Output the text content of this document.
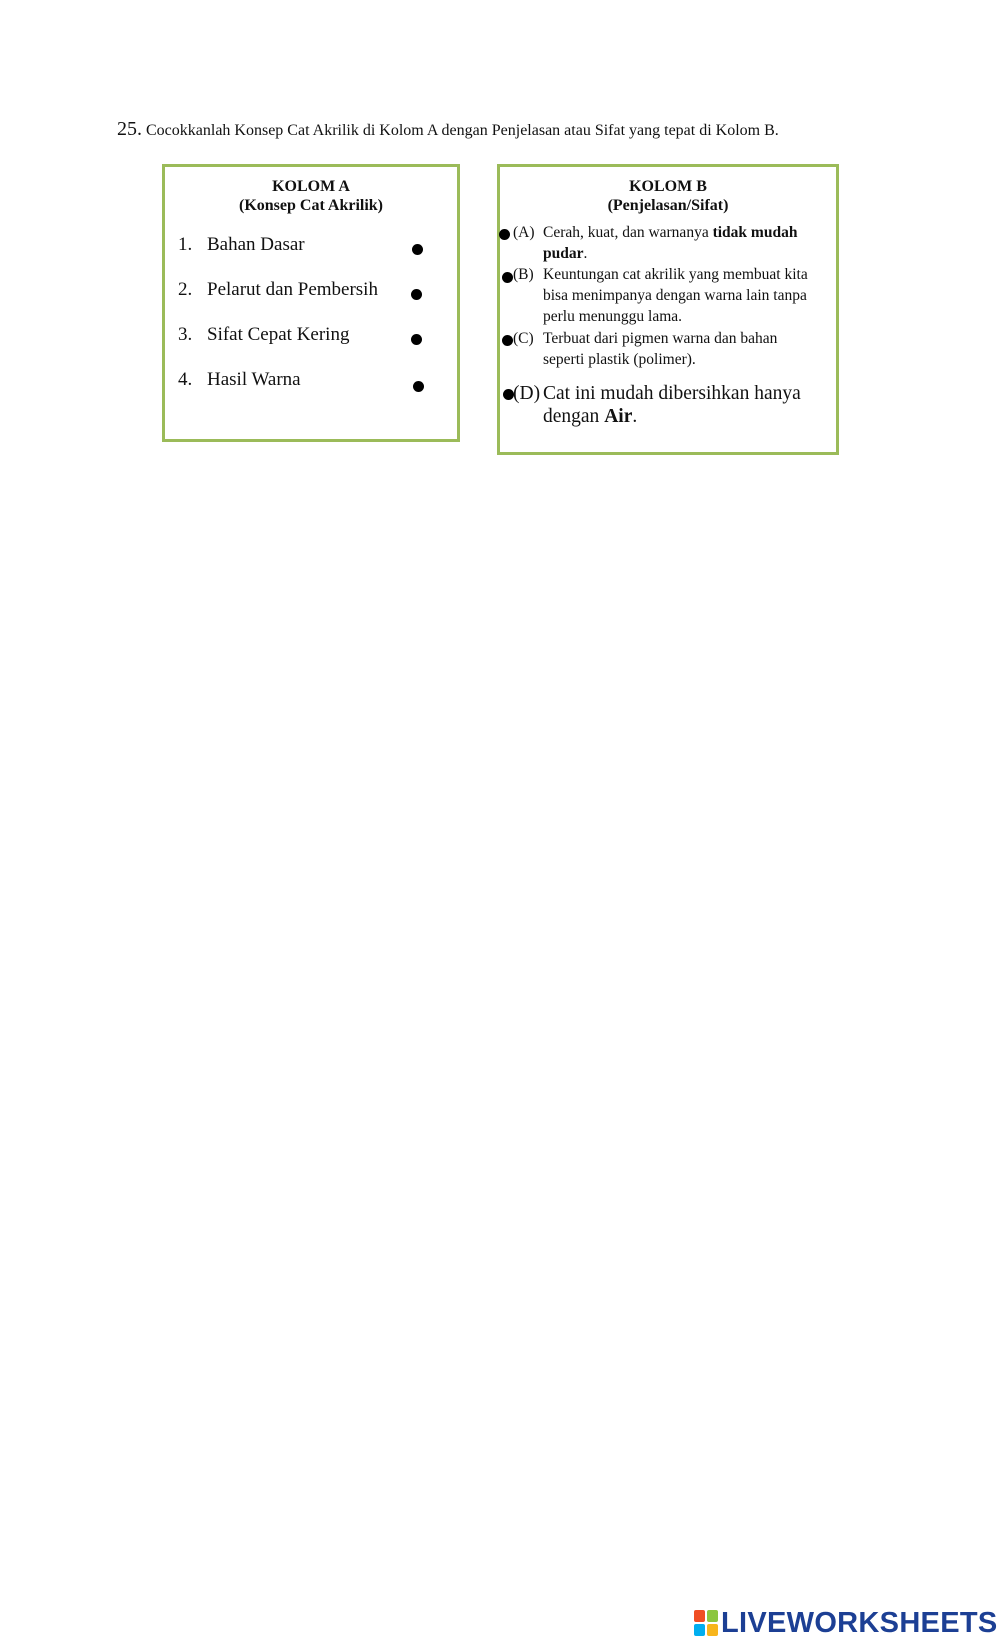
25. Cocokkanlah Konsep Cat Akrilik di Kolom A dengan Penjelasan atau Sifat yang tepat di Kolom B.
KOLOM A
(Konsep Cat Akrilik)
1. Bahan Dasar
2. Pelarut dan Pembersih
3. Sifat Cepat Kering
4. Hasil Warna
KOLOM B
(Penjelasan/Sifat)
(A) Cerah, kuat, dan warnanya tidak mudah pudar.
(B) Keuntungan cat akrilik yang membuat kita bisa menimpanya dengan warna lain tanpa perlu menunggu lama.
(C) Terbuat dari pigmen warna dan bahan seperti plastik (polimer).
(D) Cat ini mudah dibersihkan hanya dengan Air.
LIVEWORKSHEETS
